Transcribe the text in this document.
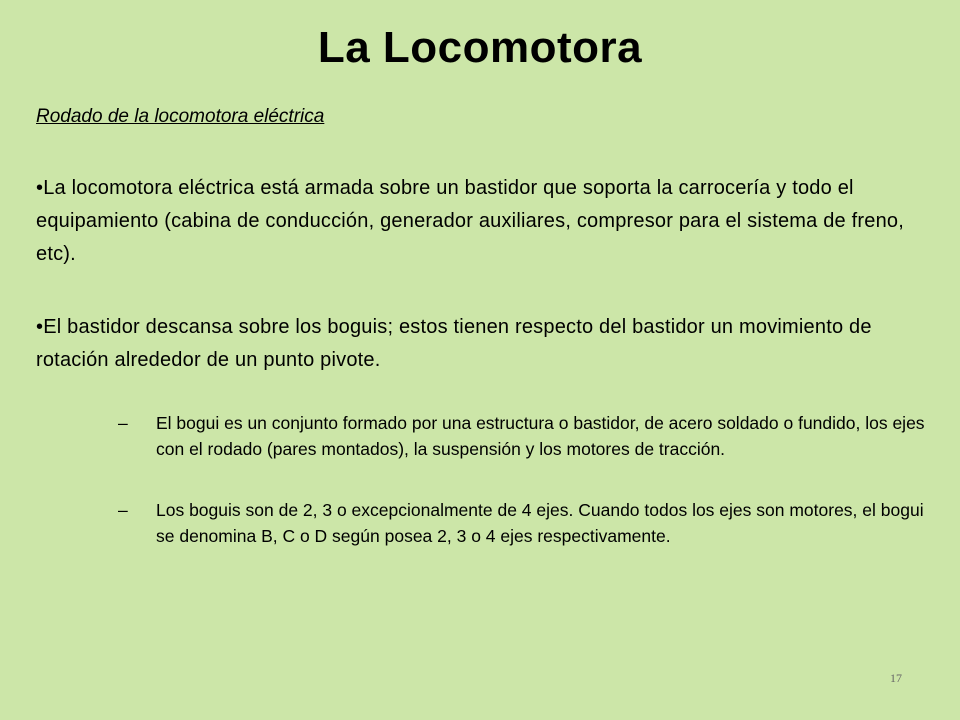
La Locomotora
Rodado de la locomotora eléctrica
•La locomotora eléctrica está armada sobre un bastidor que soporta la carrocería y todo el equipamiento (cabina de conducción, generador auxiliares, compresor para el sistema de freno, etc).
•El bastidor descansa sobre los boguis; estos tienen respecto del bastidor un movimiento de rotación alrededor de un punto pivote.
– El bogui es un conjunto formado por una estructura o bastidor, de acero soldado o fundido, los ejes con el rodado (pares montados), la suspensión y los motores de tracción.
– Los boguis son de 2, 3 o excepcionalmente de 4 ejes. Cuando todos los ejes son motores, el bogui se denomina B, C o D según posea 2, 3 o 4 ejes respectivamente.
17
